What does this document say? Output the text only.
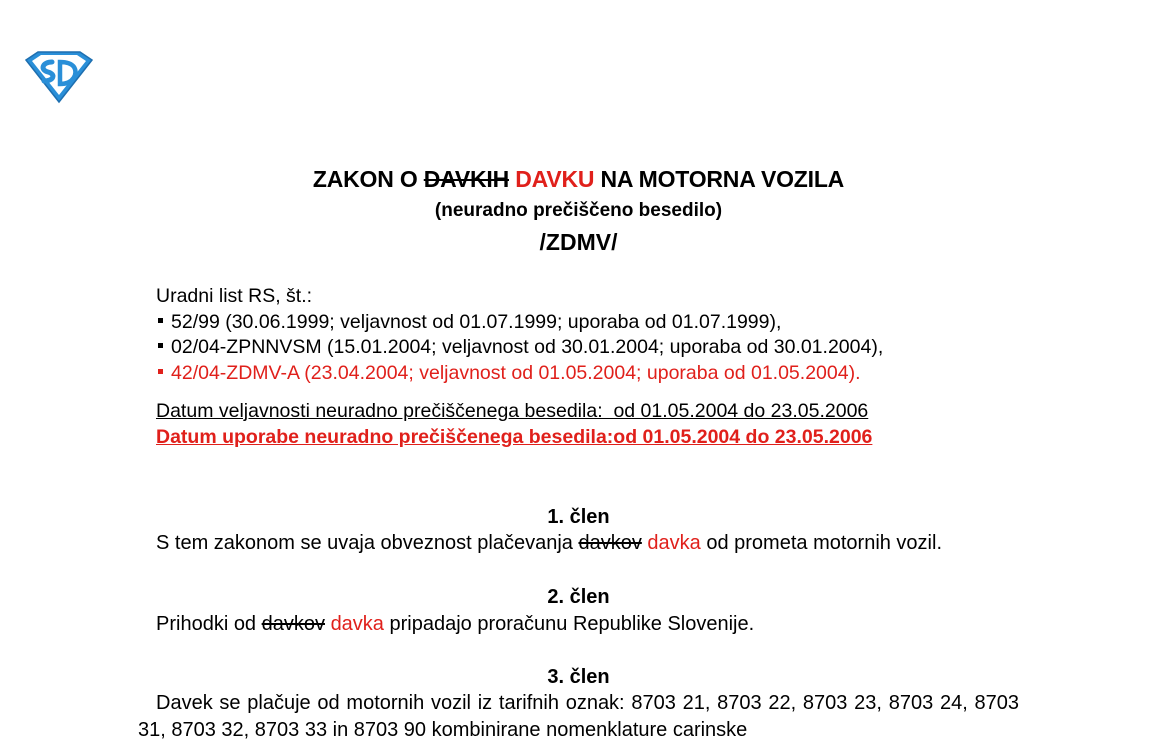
ZAKON O DAVKIH DAVKU NA MOTORNA VOZILA
(neuradno prečiščeno besedilo)
/ZDMV/
Uradni list RS, št.:
52/99 (30.06.1999; veljavnost od 01.07.1999; uporaba od 01.07.1999),
02/04-ZPNNVSM (15.01.2004; veljavnost od 30.01.2004; uporaba od 30.01.2004),
42/04-ZDMV-A (23.04.2004; veljavnost od 01.05.2004; uporaba od 01.05.2004).
Datum veljavnosti neuradno prečiščenega besedila:  od 01.05.2004 do 23.05.2006
Datum uporabe neuradno prečiščenega besedila:od 01.05.2004 do 23.05.2006
1. člen
S tem zakonom se uvaja obveznost plačevanja davkov davka od prometa motornih vozil.
2. člen
Prihodki od davkov davka pripadajo proračunu Republike Slovenije.
3. člen
Davek se plačuje od motornih vozil iz tarifnih oznak: 8703 21, 8703 22, 8703 23, 8703 24, 8703 31, 8703 32, 8703 33 in 8703 90 kombinirane nomenklature carinske
